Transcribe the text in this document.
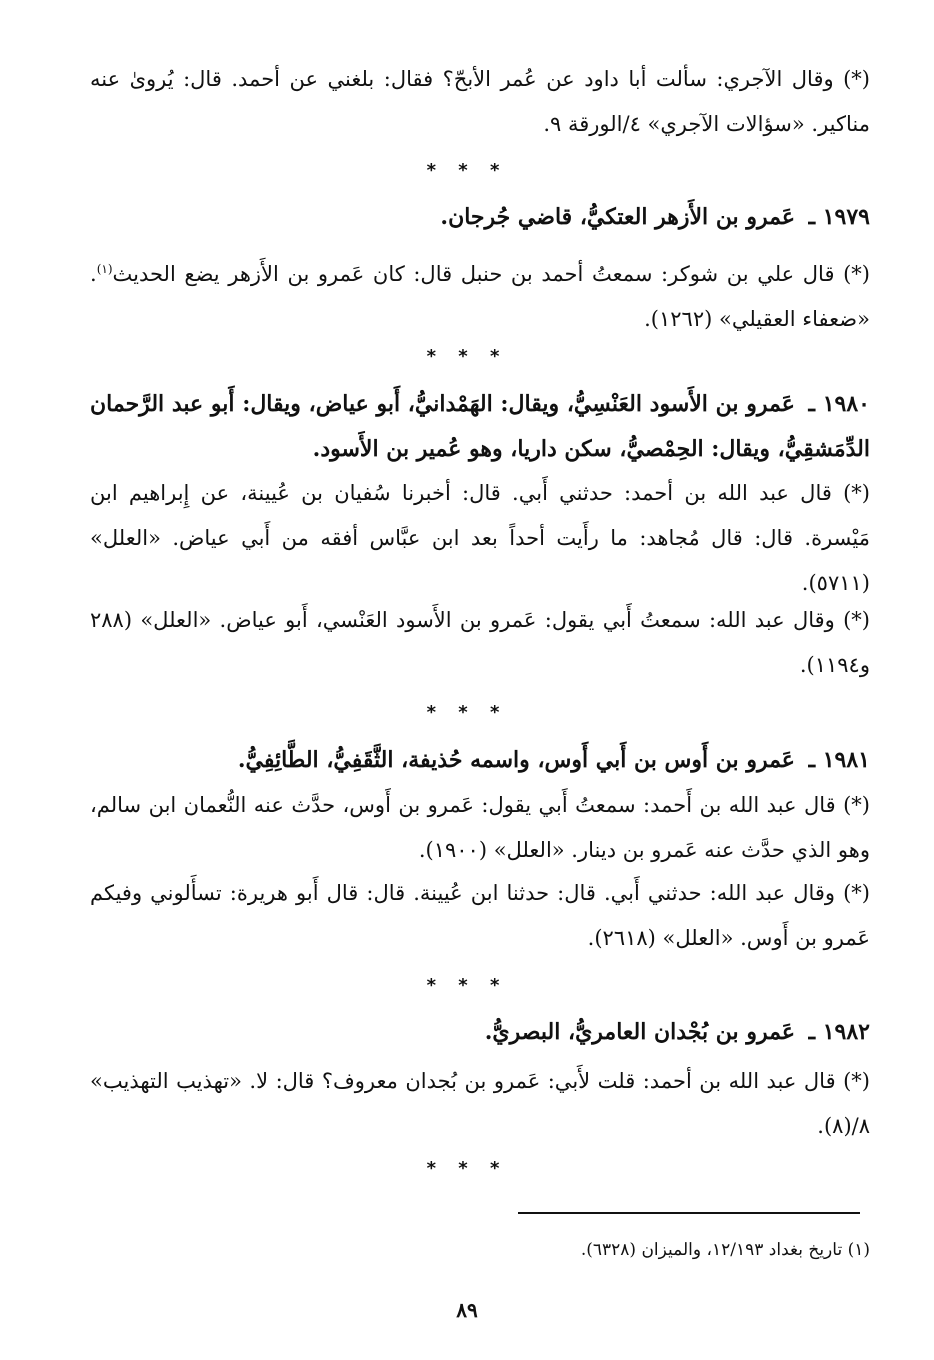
(*) وقال الآجري: سألت أبا داود عن عُمر الأبحّ؟ فقال: بلغني عن أحمد. قال: يُروىٰ عنه مناكير. «سؤالات الآجري» ٤/الورقة ٩.
* * *
١٩٧٩ ـ عَمرو بن الأَزهر العتكيُّ، قاضي جُرجان.
(*) قال علي بن شوكر: سمعتُ أحمد بن حنبل قال: كان عَمرو بن الأَزهر يضع الحديث$^{(١)}$. «ضعفاء العقيلي» (١٢٦٢).
* * *
١٩٨٠ ـ عَمرو بن الأَسود العَنْسِيُّ، ويقال: الهَمْدانيُّ، أَبو عياض، ويقال: أَبو عبد الرَّحمان الدِّمَشقِيُّ، ويقال: الحِمْصيُّ، سكن داريا، وهو عُمير بن الأَسود.
(*) قال عبد الله بن أحمد: حدثني أَبي. قال: أخبرنا سُفيان بن عُيينة، عن إِبراهيم ابن مَيْسرة. قال: قال مُجاهد: ما رأَيت أحداً بعد ابن عبَّاس أفقه من أَبي عياض. «العلل» (٥٧١١).
(*) وقال عبد الله: سمعتُ أَبي يقول: عَمرو بن الأَسود العَنْسي، أَبو عياض. «العلل» (٢٨٨ و١١٩٤).
* * *
١٩٨١ ـ عَمرو بن أَوس بن أَبي أَوس، واسمه حُذيفة، الثَّقَفِيُّ، الطَّائِفِيُّ.
(*) قال عبد الله بن أَحمد: سمعتُ أَبي يقول: عَمرو بن أَوس، حدَّث عنه النُّعمان ابن سالم، وهو الذي حدَّث عنه عَمرو بن دينار. «العلل» (١٩٠٠).
(*) وقال عبد الله: حدثني أَبي. قال: حدثنا ابن عُيينة. قال: قال أَبو هريرة: تسأَلوني وفيكم عَمرو بن أَوس. «العلل» (٢٦١٨).
* * *
١٩٨٢ ـ عَمرو بن بُجْدان العامريُّ، البصريُّ.
(*) قال عبد الله بن أحمد: قلت لأَبي: عَمرو بن بُجدان معروف؟ قال: لا. «تهذيب التهذيب» ٨/(٨).
* * *
(١) تاريخ بغداد ١٢/١٩٣، والميزان (٦٣٢٨).
٨٩
